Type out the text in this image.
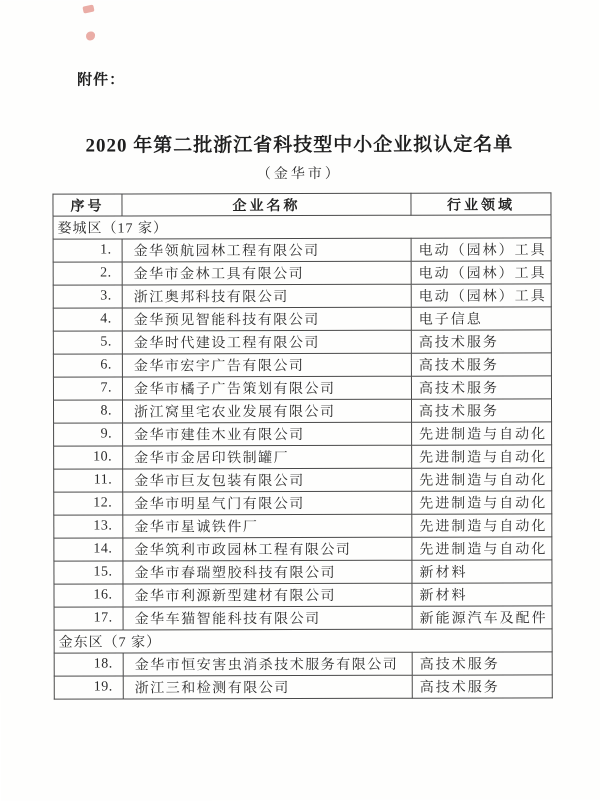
附件：
2020 年第二批浙江省科技型中小企业拟认定名单
（金华市）
序号	企业名称	行业领域
婺城区（17 家）		
1.	金华领航园林工程有限公司	电动（园林）工具
2.	金华市金林工具有限公司	电动（园林）工具
3.	浙江奥邦科技有限公司	电动（园林）工具
4.	金华预见智能科技有限公司	电子信息
5.	金华时代建设工程有限公司	高技术服务
6.	金华市宏宇广告有限公司	高技术服务
7.	金华市橘子广告策划有限公司	高技术服务
8.	浙江窝里宅农业发展有限公司	高技术服务
9.	金华市建佳木业有限公司	先进制造与自动化
10.	金华市金居印铁制罐厂	先进制造与自动化
11.	金华市巨友包装有限公司	先进制造与自动化
12.	金华市明星气门有限公司	先进制造与自动化
13.	金华市星诚铁件厂	先进制造与自动化
14.	金华筑利市政园林工程有限公司	先进制造与自动化
15.	金华市春瑞塑胶科技有限公司	新材料
16.	金华市利源新型建材有限公司	新材料
17.	金华车猫智能科技有限公司	新能源汽车及配件
金东区（7 家）		
18.	金华市恒安害虫消杀技术服务有限公司	高技术服务
19.	浙江三和检测有限公司	高技术服务
